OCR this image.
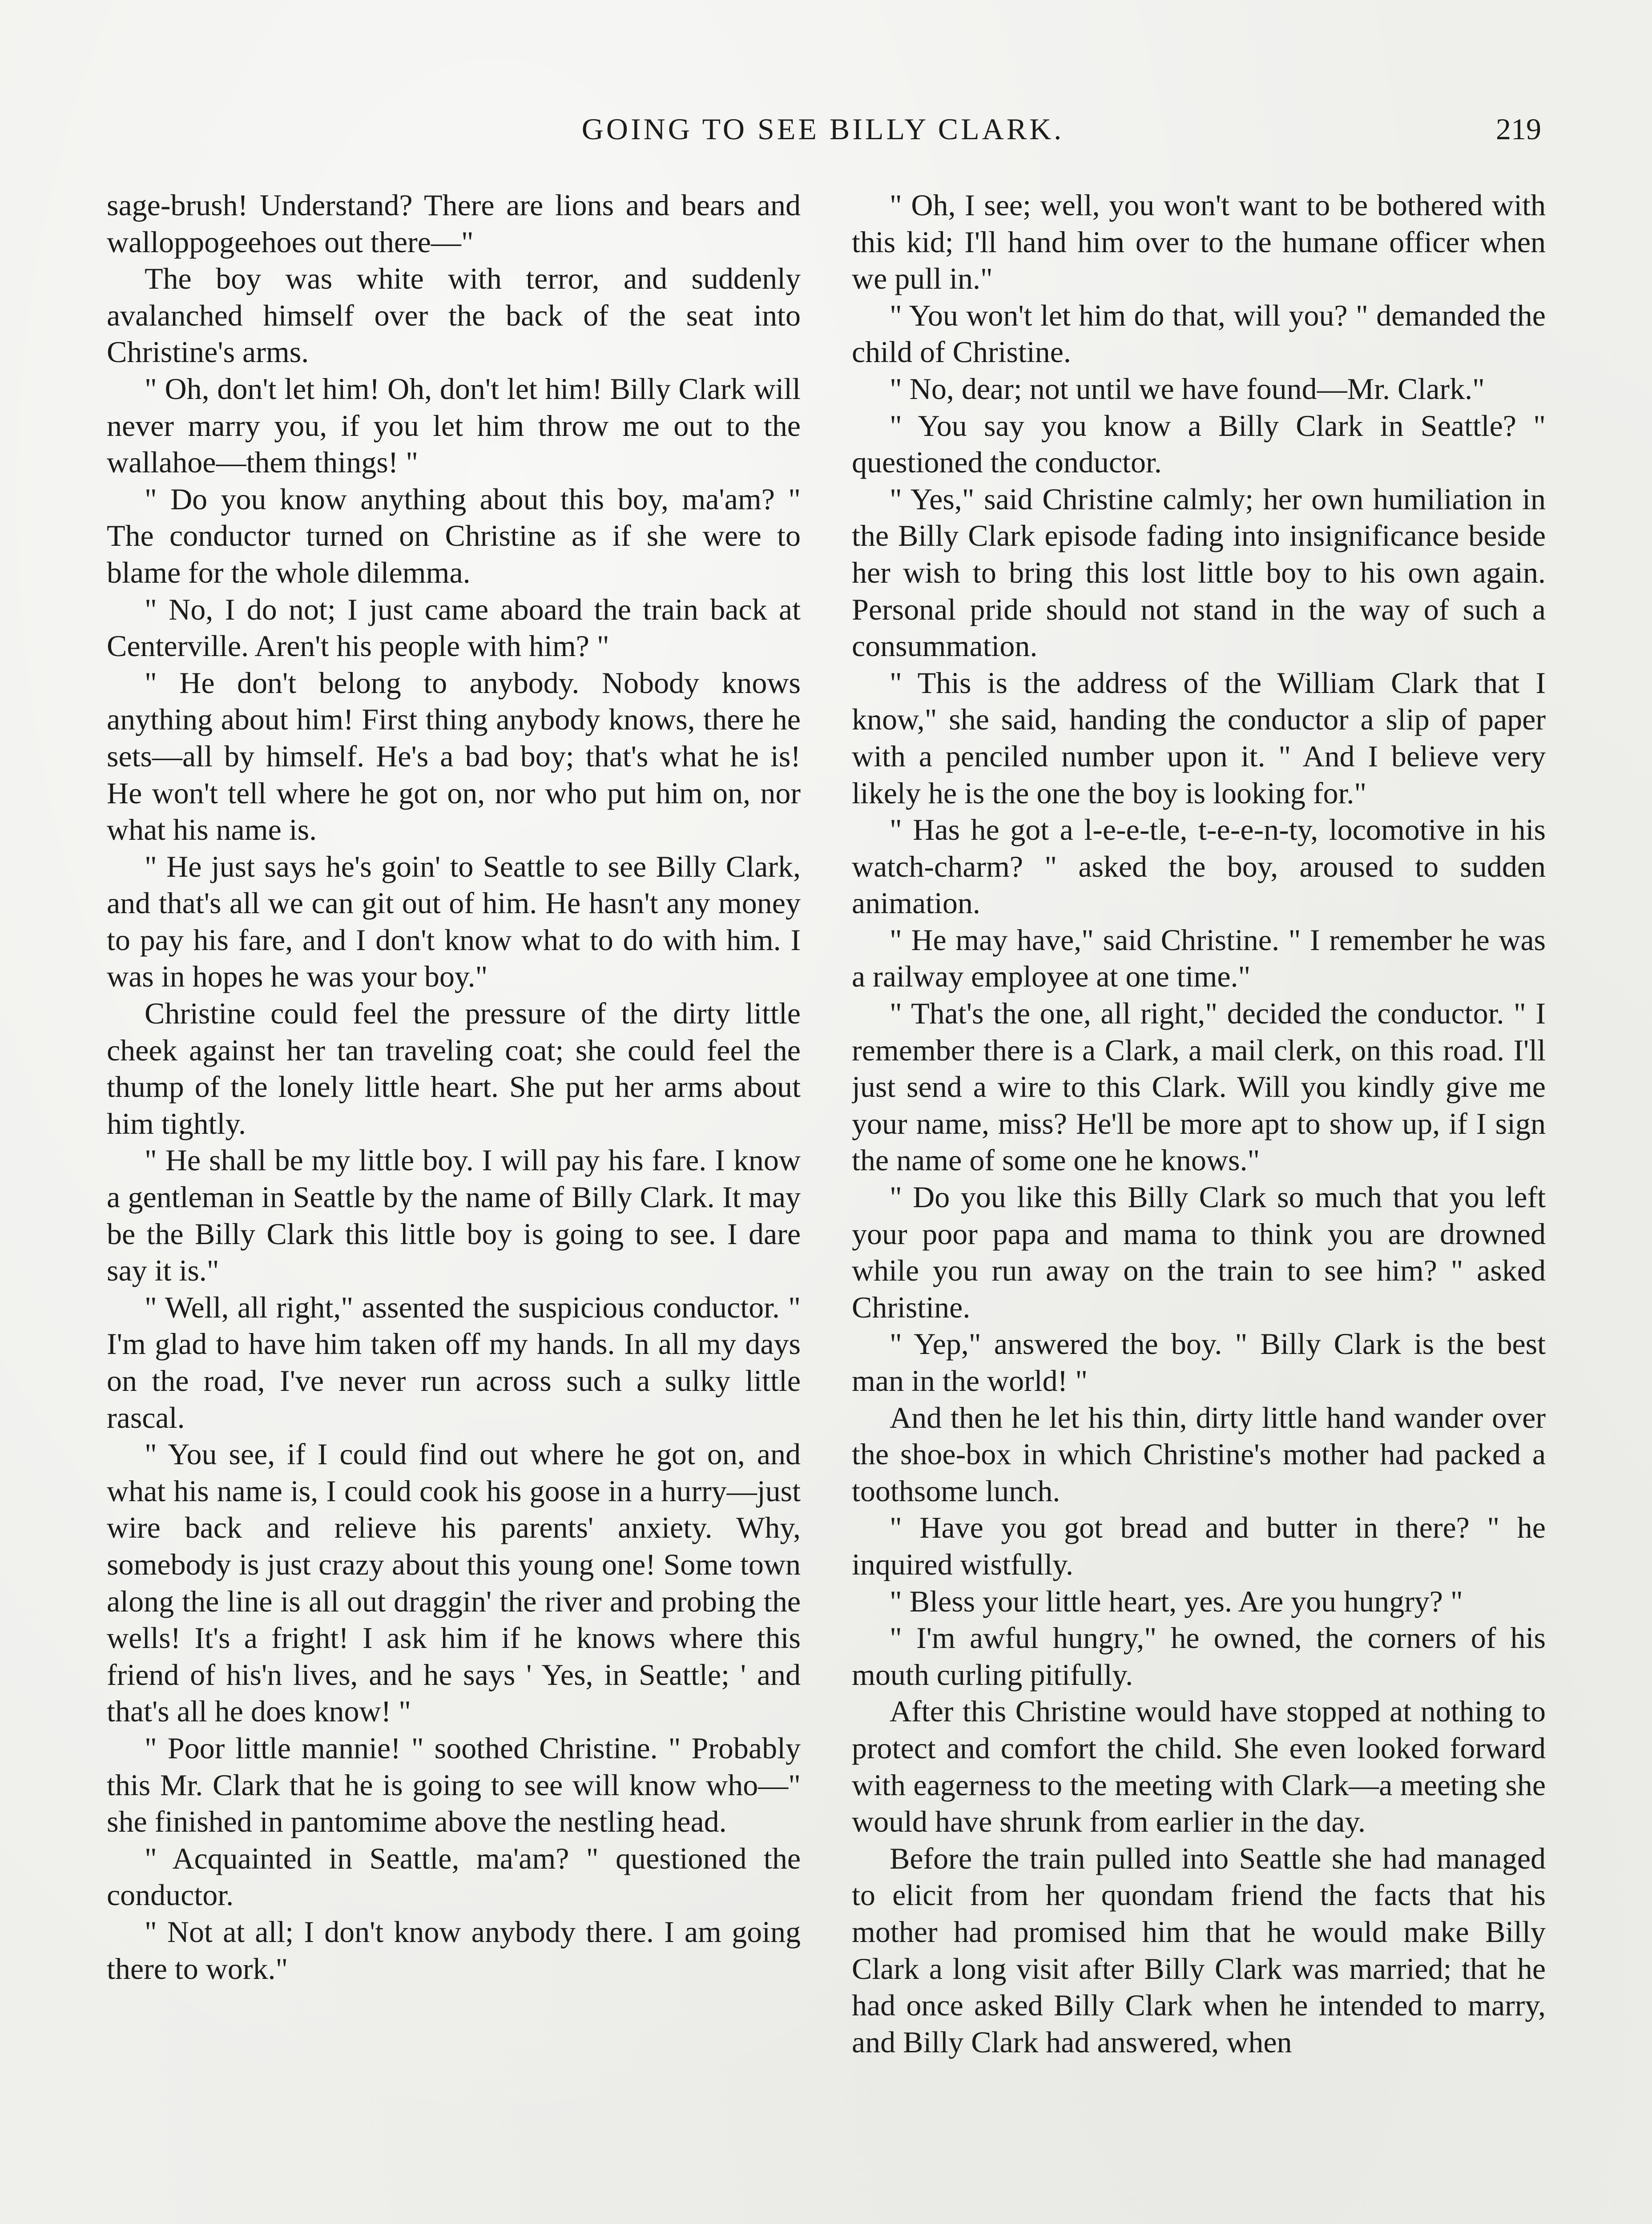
GOING TO SEE BILLY CLARK.	219

sage-brush! Understand? There are lions and bears and walloppogeehoes out there—"

The boy was white with terror, and suddenly avalanched himself over the back of the seat into Christine's arms.

" Oh, don't let him! Oh, don't let him! Billy Clark will never marry you, if you let him throw me out to the wallahoe—them things! "

" Do you know anything about this boy, ma'am? " The conductor turned on Christine as if she were to blame for the whole dilemma.

" No, I do not; I just came aboard the train back at Centerville. Aren't his people with him? "

" He don't belong to anybody. Nobody knows anything about him! First thing anybody knows, there he sets—all by himself. He's a bad boy; that's what he is! He won't tell where he got on, nor who put him on, nor what his name is.

" He just says he's goin' to Seattle to see Billy Clark, and that's all we can git out of him. He hasn't any money to pay his fare, and I don't know what to do with him. I was in hopes he was your boy."

Christine could feel the pressure of the dirty little cheek against her tan traveling coat; she could feel the thump of the lonely little heart. She put her arms about him tightly.

" He shall be my little boy. I will pay his fare. I know a gentleman in Seattle by the name of Billy Clark. It may be the Billy Clark this little boy is going to see. I dare say it is."

" Well, all right," assented the suspicious conductor. " I'm glad to have him taken off my hands. In all my days on the road, I've never run across such a sulky little rascal.

" You see, if I could find out where he got on, and what his name is, I could cook his goose in a hurry—just wire back and relieve his parents' anxiety. Why, somebody is just crazy about this young one! Some town along the line is all out draggin' the river and probing the wells! It's a fright! I ask him if he knows where this friend of his'n lives, and he says ' Yes, in Seattle; ' and that's all he does know! "

" Poor little mannie! " soothed Christine. " Probably this Mr. Clark that he is going to see will know who—" she finished in pantomime above the nestling head.

" Acquainted in Seattle, ma'am? " questioned the conductor.

" Not at all; I don't know anybody there. I am going there to work."

" Oh, I see; well, you won't want to be bothered with this kid; I'll hand him over to the humane officer when we pull in."

" You won't let him do that, will you? " demanded the child of Christine.

" No, dear; not until we have found—Mr. Clark."

" You say you know a Billy Clark in Seattle? " questioned the conductor.

" Yes," said Christine calmly; her own humiliation in the Billy Clark episode fading into insignificance beside her wish to bring this lost little boy to his own again. Personal pride should not stand in the way of such a consummation.

" This is the address of the William Clark that I know," she said, handing the conductor a slip of paper with a penciled number upon it. " And I believe very likely he is the one the boy is looking for."

" Has he got a l-e-e-tle, t-e-e-n-ty, locomotive in his watch-charm? " asked the boy, aroused to sudden animation.

" He may have," said Christine. " I remember he was a railway employee at one time."

" That's the one, all right," decided the conductor. " I remember there is a Clark, a mail clerk, on this road. I'll just send a wire to this Clark. Will you kindly give me your name, miss? He'll be more apt to show up, if I sign the name of some one he knows."

" Do you like this Billy Clark so much that you left your poor papa and mama to think you are drowned while you run away on the train to see him? " asked Christine.

" Yep," answered the boy. " Billy Clark is the best man in the world! "

And then he let his thin, dirty little hand wander over the shoe-box in which Christine's mother had packed a toothsome lunch.

" Have you got bread and butter in there? " he inquired wistfully.

" Bless your little heart, yes. Are you hungry? "

" I'm awful hungry," he owned, the corners of his mouth curling pitifully.

After this Christine would have stopped at nothing to protect and comfort the child. She even looked forward with eagerness to the meeting with Clark—a meeting she would have shrunk from earlier in the day.

Before the train pulled into Seattle she had managed to elicit from her quondam friend the facts that his mother had promised him that he would make Billy Clark a long visit after Billy Clark was married; that he had once asked Billy Clark when he intended to marry, and Billy Clark had answered, when
